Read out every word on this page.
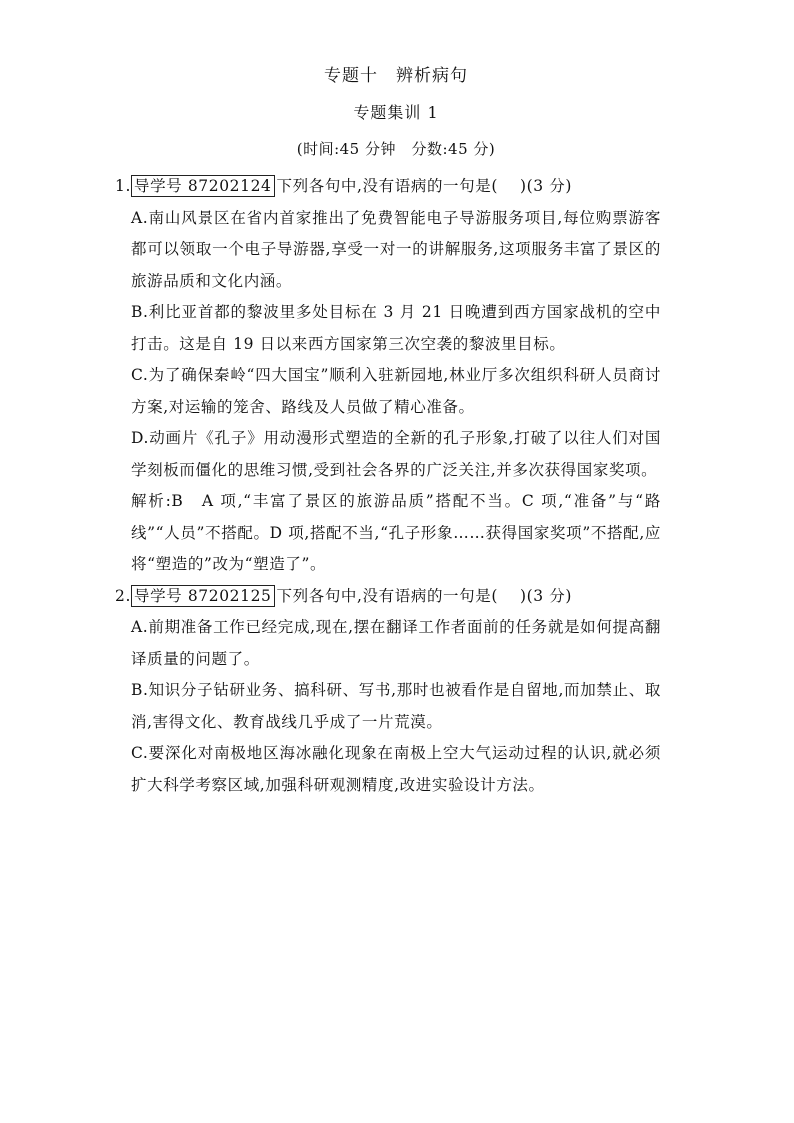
专题十　辨析病句
专题集训 1
(时间:45 分钟　分数:45 分)

1. 导学号 87202124 下列各句中,没有语病的一句是( )(3 分)

A.南山风景区在省内首家推出了免费智能电子导游服务项目,每位购票游客都可以领取一个电子导游器,享受一对一的讲解服务,这项服务丰富了景区的旅游品质和文化内涵。

B.利比亚首都的黎波里多处目标在 3 月 21 日晚遭到西方国家战机的空中打击。这是自 19 日以来西方国家第三次空袭的黎波里目标。

C.为了确保秦岭“四大国宝”顺利入驻新园地,林业厅多次组织科研人员商讨方案,对运输的笼舍、路线及人员做了精心准备。

D.动画片《孔子》用动漫形式塑造的全新的孔子形象,打破了以往人们对国学刻板而僵化的思维习惯,受到社会各界的广泛关注,并多次获得国家奖项。

解析:B　A 项,“丰富了景区的旅游品质”搭配不当。C 项,“准备”与“路线”“人员”不搭配。D 项,搭配不当,“孔子形象……获得国家奖项”不搭配,应将“塑造的”改为“塑造了”。

2. 导学号 87202125 下列各句中,没有语病的一句是( )(3 分)

A.前期准备工作已经完成,现在,摆在翻译工作者面前的任务就是如何提高翻译质量的问题了。

B.知识分子钻研业务、搞科研、写书,那时也被看作是自留地,而加禁止、取消,害得文化、教育战线几乎成了一片荒漠。

C.要深化对南极地区海冰融化现象在南极上空大气运动过程的认识,就必须扩大科学考察区域,加强科研观测精度,改进实验设计方法。
